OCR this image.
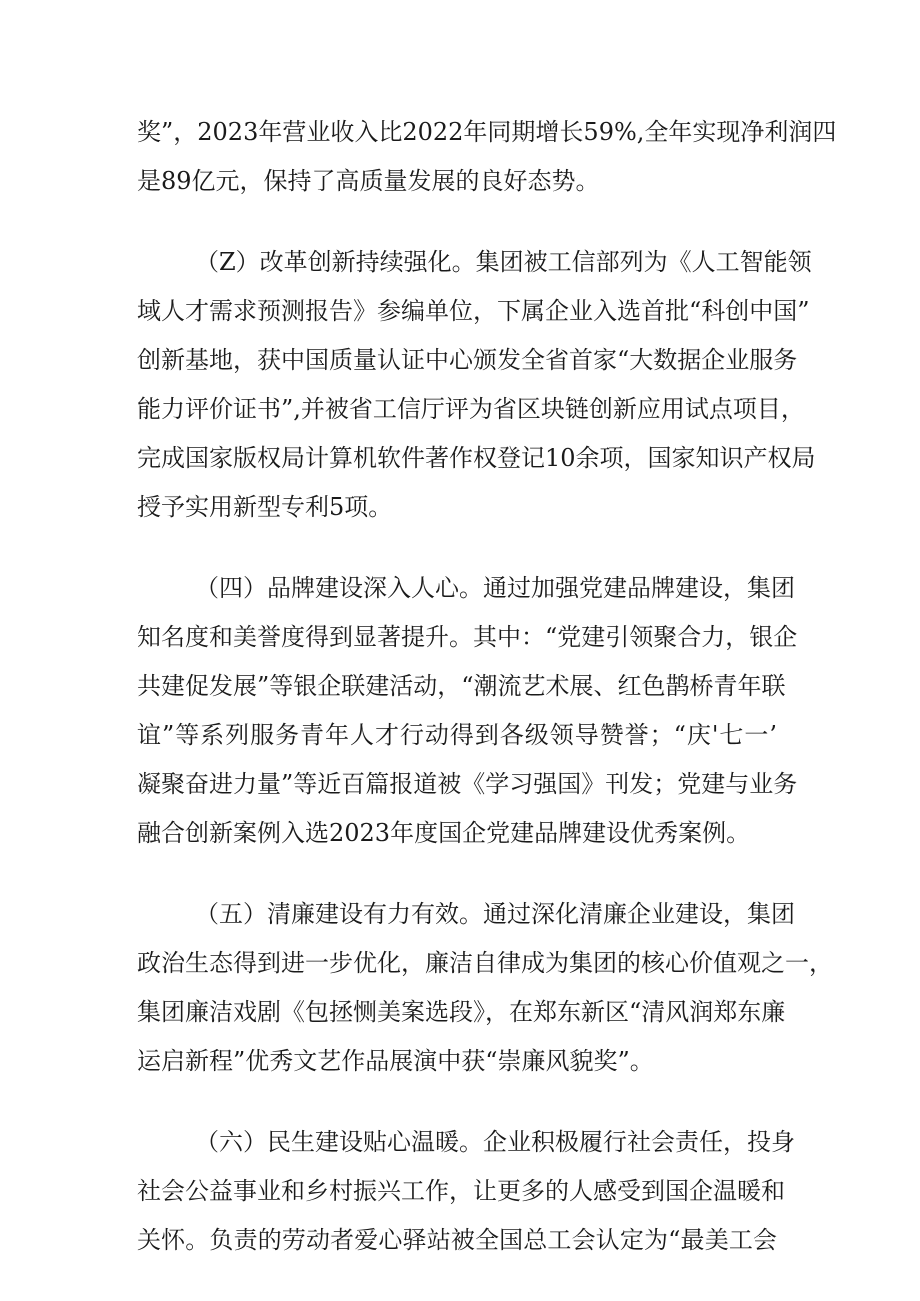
奖”，2023年营业收入比2022年同期增长59%,全年实现净利润四
是89亿元，保持了高质量发展的良好态势。
（Z）改革创新持续强化。集团被工信部列为《人工智能领
域人才需求预测报告》参编单位，下属企业入选首批“科创中国”
创新基地，获中国质量认证中心颁发全省首家“大数据企业服务
能力评价证书”,并被省工信厅评为省区块链创新应用试点项目，
完成国家版权局计算机软件著作权登记10余项，国家知识产权局
授予实用新型专利5项。
（四）品牌建设深入人心。通过加强党建品牌建设，集团
知名度和美誉度得到显著提升。其中：“党建引领聚合力，银企
共建促发展”等银企联建活动，“潮流艺术展、红色鹊桥青年联
谊”等系列服务青年人才行动得到各级领导赞誉；“庆'七一’
凝聚奋进力量”等近百篇报道被《学习强国》刊发；党建与业务
融合创新案例入选2023年度国企党建品牌建设优秀案例。
（五）清廉建设有力有效。通过深化清廉企业建设，集团
政治生态得到进一步优化，廉洁自律成为集团的核心价值观之一，
集团廉洁戏剧《包拯恻美案选段》，在郑东新区“清风润郑东廉
运启新程”优秀文艺作品展演中获“崇廉风貌奖”。
（六）民生建设贴心温暖。企业积极履行社会责任，投身
社会公益事业和乡村振兴工作，让更多的人感受到国企温暖和
关怀。负责的劳动者爱心驿站被全国总工会认定为“最美工会
